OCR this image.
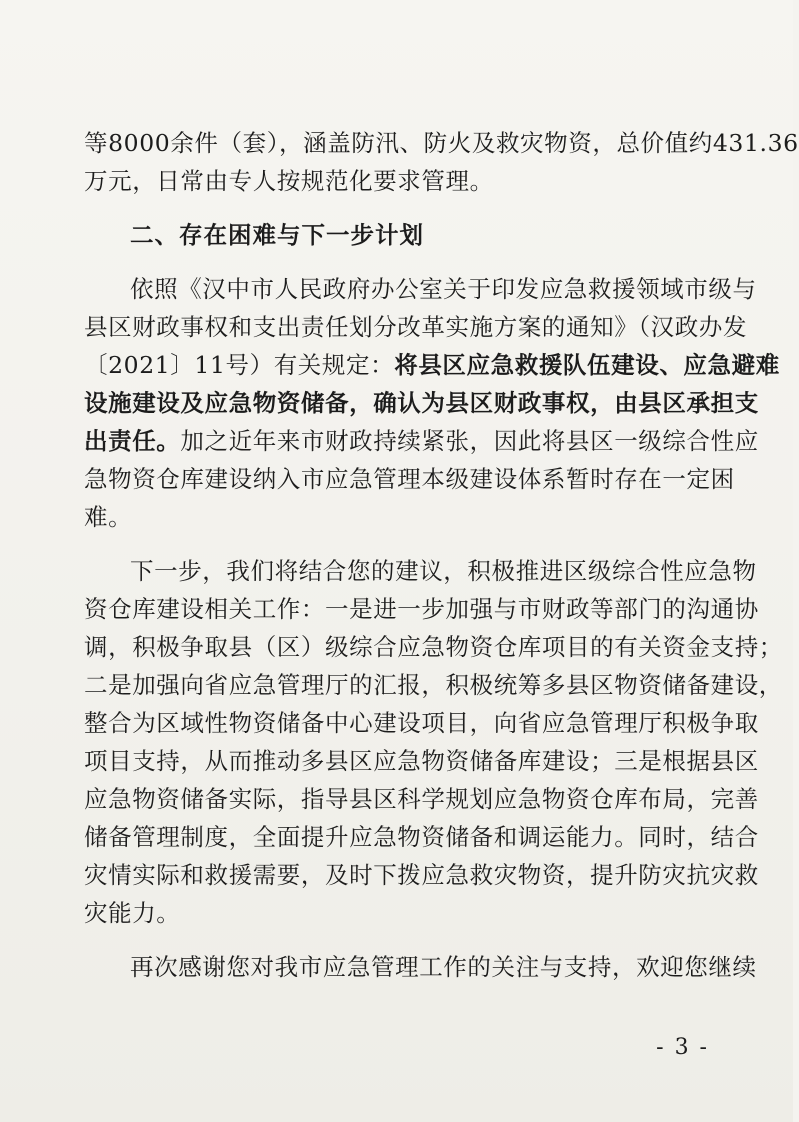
等8000余件（套），涵盖防汛、防火及救灾物资，总价值约431.36
万元，日常由专人按规范化要求管理。
二、存在困难与下一步计划
依照《汉中市人民政府办公室关于印发应急救援领域市级与
县区财政事权和支出责任划分改革实施方案的通知》（汉政办发
〔2021〕11号）有关规定：将县区应急救援队伍建设、应急避难
设施建设及应急物资储备，确认为县区财政事权，由县区承担支
出责任。加之近年来市财政持续紧张，因此将县区一级综合性应
急物资仓库建设纳入市应急管理本级建设体系暂时存在一定困
难。
下一步，我们将结合您的建议，积极推进区级综合性应急物
资仓库建设相关工作：一是进一步加强与市财政等部门的沟通协
调，积极争取县（区）级综合应急物资仓库项目的有关资金支持；
二是加强向省应急管理厅的汇报，积极统筹多县区物资储备建设，
整合为区域性物资储备中心建设项目，向省应急管理厅积极争取
项目支持，从而推动多县区应急物资储备库建设；三是根据县区
应急物资储备实际，指导县区科学规划应急物资仓库布局，完善
储备管理制度，全面提升应急物资储备和调运能力。同时，结合
灾情实际和救援需要，及时下拨应急救灾物资，提升防灾抗灾救
灾能力。
再次感谢您对我市应急管理工作的关注与支持，欢迎您继续
- 3 -
